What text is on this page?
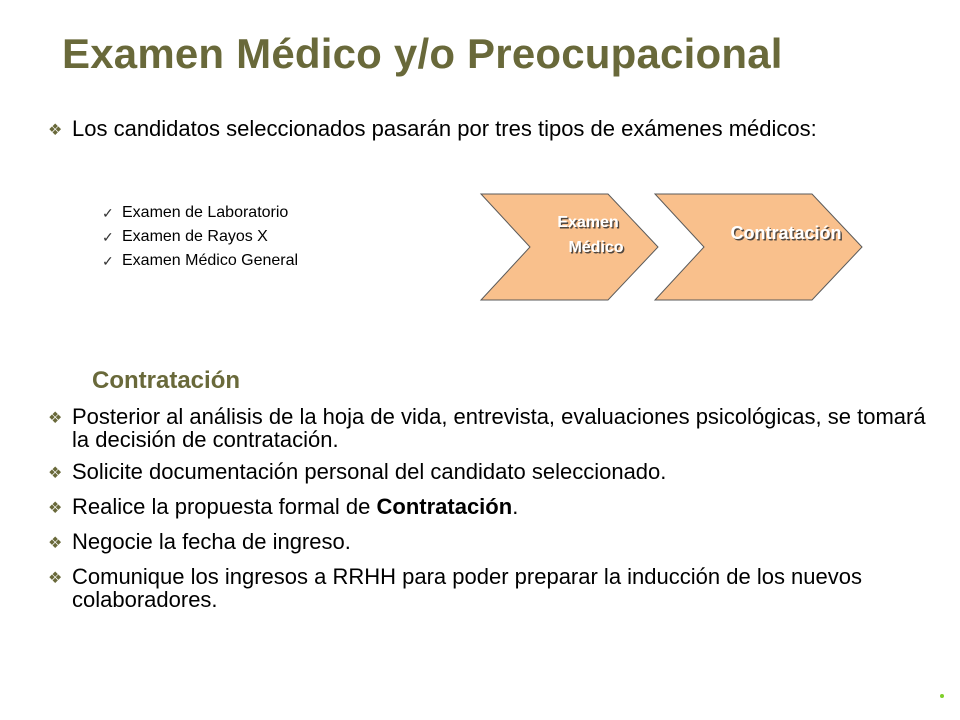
Examen Médico y/o Preocupacional
❖ Los candidatos seleccionados pasarán por tres tipos de exámenes médicos:
✓ Examen de Laboratorio
✓ Examen de Rayos X
✓ Examen Médico General
Examen
Médico
Contratación
Contratación
❖ Posterior al análisis de la hoja de vida, entrevista, evaluaciones psicológicas, se tomará la decisión de contratación.
❖ Solicite documentación personal del candidato seleccionado.
❖ Realice la propuesta formal de Contratación.
❖ Negocie la fecha de ingreso.
❖ Comunique los ingresos a RRHH para poder preparar la inducción de los nuevos colaboradores.
